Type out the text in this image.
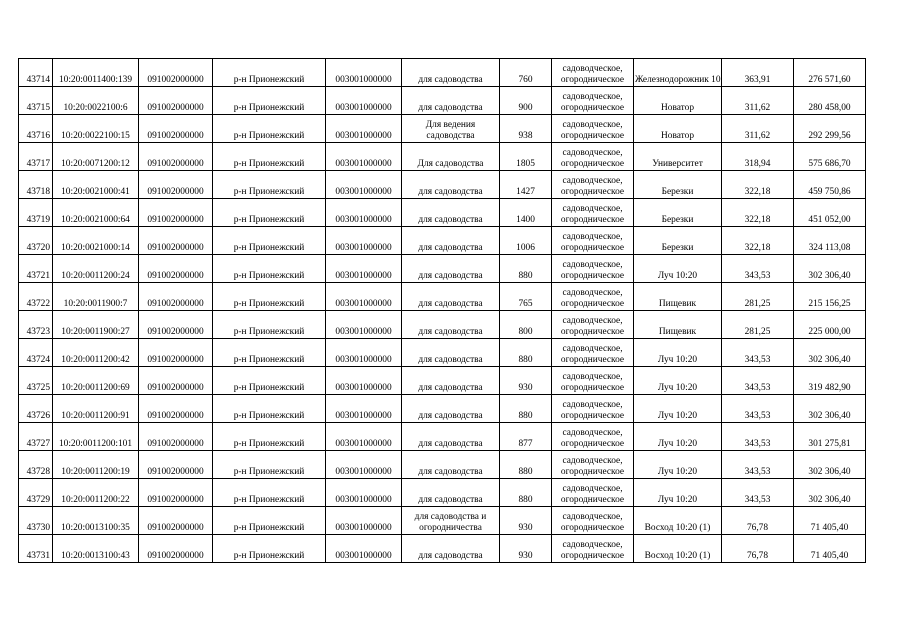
43714	10:20:0011400:139	091002000000	р-н Прионежский	003001000000	для садоводства	760	садоводческое, огородническое	Железнодорожник 10	363,91	276 571,60
43715	10:20:0022100:6	091002000000	р-н Прионежский	003001000000	для садоводства	900	садоводческое, огородническое	Новатор	311,62	280 458,00
43716	10:20:0022100:15	091002000000	р-н Прионежский	003001000000	Для ведения садоводства	938	садоводческое, огородническое	Новатор	311,62	292 299,56
43717	10:20:0071200:12	091002000000	р-н Прионежский	003001000000	Для садоводства	1805	садоводческое, огородническое	Университет	318,94	575 686,70
43718	10:20:0021000:41	091002000000	р-н Прионежский	003001000000	для садоводства	1427	садоводческое, огородническое	Березки	322,18	459 750,86
43719	10:20:0021000:64	091002000000	р-н Прионежский	003001000000	для садоводства	1400	садоводческое, огородническое	Березки	322,18	451 052,00
43720	10:20:0021000:14	091002000000	р-н Прионежский	003001000000	для садоводства	1006	садоводческое, огородническое	Березки	322,18	324 113,08
43721	10:20:0011200:24	091002000000	р-н Прионежский	003001000000	для садоводства	880	садоводческое, огородническое	Луч 10:20	343,53	302 306,40
43722	10:20:0011900:7	091002000000	р-н Прионежский	003001000000	для садоводства	765	садоводческое, огородническое	Пищевик	281,25	215 156,25
43723	10:20:0011900:27	091002000000	р-н Прионежский	003001000000	для садоводства	800	садоводческое, огородническое	Пищевик	281,25	225 000,00
43724	10:20:0011200:42	091002000000	р-н Прионежский	003001000000	для садоводства	880	садоводческое, огородническое	Луч 10:20	343,53	302 306,40
43725	10:20:0011200:69	091002000000	р-н Прионежский	003001000000	для садоводства	930	садоводческое, огородническое	Луч 10:20	343,53	319 482,90
43726	10:20:0011200:91	091002000000	р-н Прионежский	003001000000	для садоводства	880	садоводческое, огородническое	Луч 10:20	343,53	302 306,40
43727	10:20:0011200:101	091002000000	р-н Прионежский	003001000000	для садоводства	877	садоводческое, огородническое	Луч 10:20	343,53	301 275,81
43728	10:20:0011200:19	091002000000	р-н Прионежский	003001000000	для садоводства	880	садоводческое, огородническое	Луч 10:20	343,53	302 306,40
43729	10:20:0011200:22	091002000000	р-н Прионежский	003001000000	для садоводства	880	садоводческое, огородническое	Луч 10:20	343,53	302 306,40
43730	10:20:0013100:35	091002000000	р-н Прионежский	003001000000	для садоводства и огородничества	930	садоводческое, огородническое	Восход 10:20 (1)	76,78	71 405,40
43731	10:20:0013100:43	091002000000	р-н Прионежский	003001000000	для садоводства	930	садоводческое, огородническое	Восход 10:20 (1)	76,78	71 405,40
